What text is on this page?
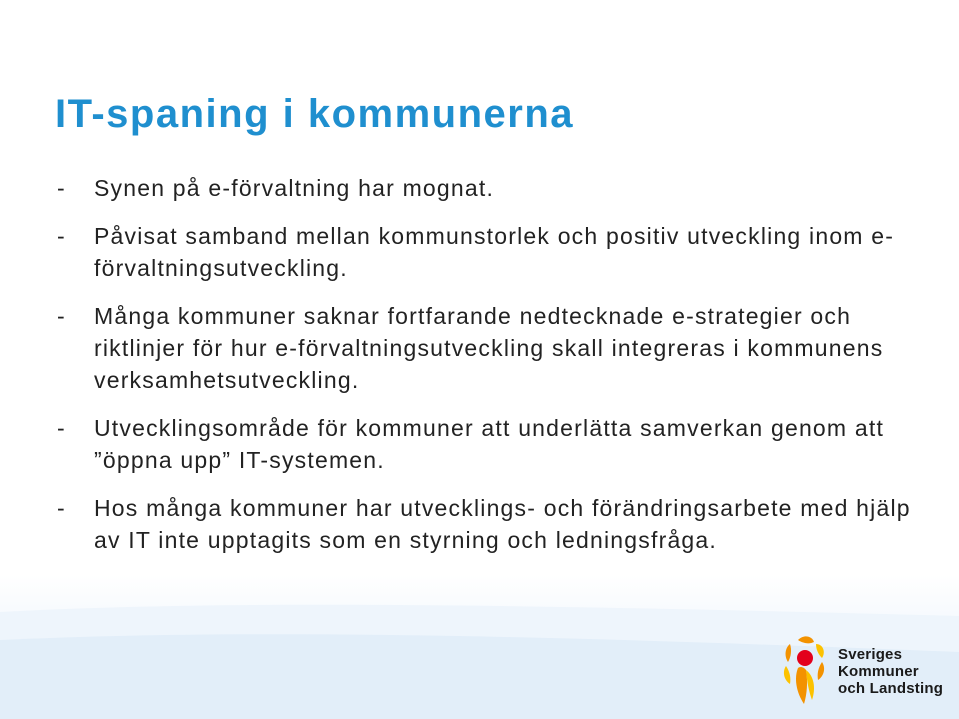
IT-spaning i kommunerna
- Synen på e-förvaltning har mognat.
- Påvisat samband mellan kommunstorlek och positiv utveckling inom e-förvaltningsutveckling.
- Många kommuner saknar fortfarande nedtecknade e-strategier och riktlinjer för hur e-förvaltningsutveckling skall integreras i kommunens verksamhetsutveckling.
- Utvecklingsområde för kommuner att underlätta samverkan genom att ”öppna upp” IT-systemen.
- Hos många kommuner har utvecklings- och förändringsarbete med hjälp av IT inte upptagits som en styrning och ledningsfråga.
Sveriges
Kommuner
och Landsting
